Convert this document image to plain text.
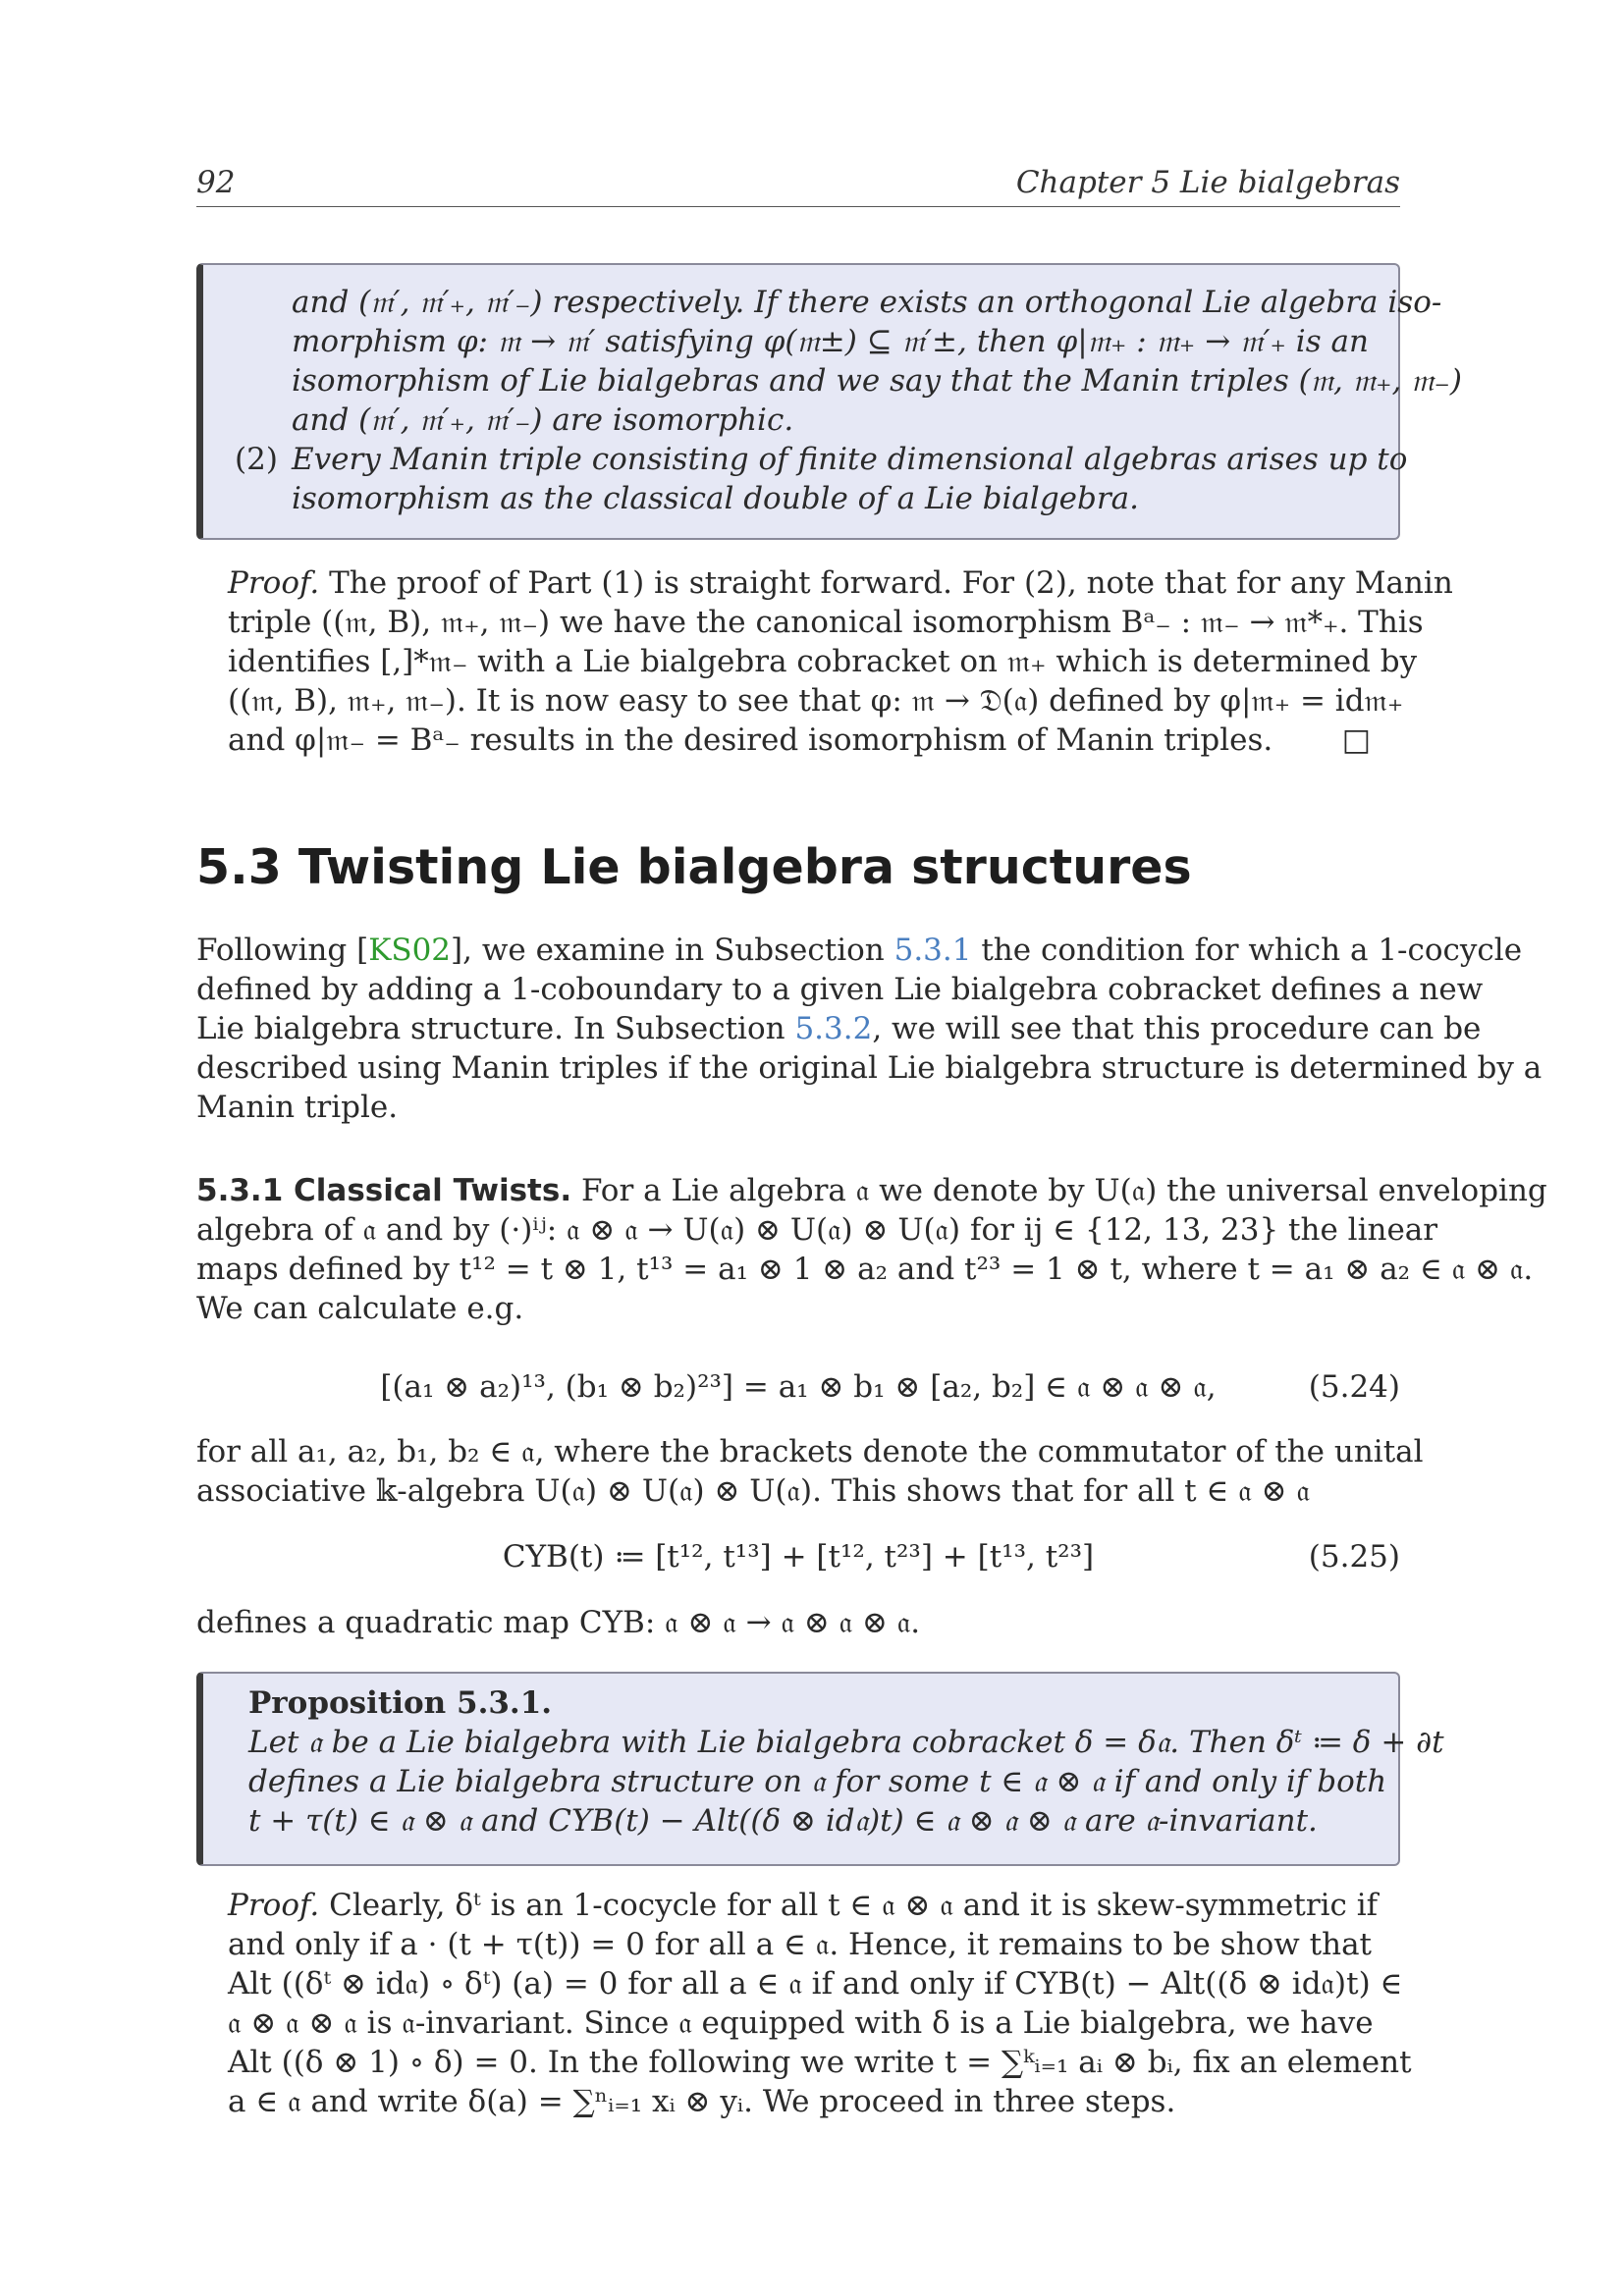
92	Chapter 5 Lie bialgebras
and (𝔪′, 𝔪′₊, 𝔪′₋) respectively. If there exists an orthogonal Lie algebra iso-
morphism φ: 𝔪 → 𝔪′ satisfying φ(𝔪±) ⊆ 𝔪′±, then φ|𝔪₊ : 𝔪₊ → 𝔪′₊ is an
isomorphism of Lie bialgebras and we say that the Manin triples (𝔪, 𝔪₊, 𝔪₋)
and (𝔪′, 𝔪′₊, 𝔪′₋) are isomorphic.
(2) Every Manin triple consisting of finite dimensional algebras arises up to
isomorphism as the classical double of a Lie bialgebra.
Proof. The proof of Part (1) is straight forward. For (2), note that for any Manin
triple ((𝔪, B), 𝔪₊, 𝔪₋) we have the canonical isomorphism Bᵃ₋ : 𝔪₋ → 𝔪*₊. This
identifies [,]*𝔪₋ with a Lie bialgebra cobracket on 𝔪₊ which is determined by
((𝔪, B), 𝔪₊, 𝔪₋). It is now easy to see that φ: 𝔪 → 𝔇(𝔞) defined by φ|𝔪₊ = id𝔪₊
and φ|𝔪₋ = Bᵃ₋ results in the desired isomorphism of Manin triples. □
5.3 Twisting Lie bialgebra structures
Following [KS02], we examine in Subsection 5.3.1 the condition for which a 1-cocycle
defined by adding a 1-coboundary to a given Lie bialgebra cobracket defines a new
Lie bialgebra structure. In Subsection 5.3.2, we will see that this procedure can be
described using Manin triples if the original Lie bialgebra structure is determined by a
Manin triple.
5.3.1 Classical Twists. For a Lie algebra 𝔞 we denote by U(𝔞) the universal enveloping
algebra of 𝔞 and by (·)ⁱʲ: 𝔞 ⊗ 𝔞 → U(𝔞) ⊗ U(𝔞) ⊗ U(𝔞) for ij ∈ {12, 13, 23} the linear
maps defined by t¹² = t ⊗ 1, t¹³ = a₁ ⊗ 1 ⊗ a₂ and t²³ = 1 ⊗ t, where t = a₁ ⊗ a₂ ∈ 𝔞 ⊗ 𝔞.
We can calculate e.g.
[(a₁ ⊗ a₂)¹³, (b₁ ⊗ b₂)²³] = a₁ ⊗ b₁ ⊗ [a₂, b₂] ∈ 𝔞 ⊗ 𝔞 ⊗ 𝔞,	(5.24)
for all a₁, a₂, b₁, b₂ ∈ 𝔞, where the brackets denote the commutator of the unital
associative 𝕜-algebra U(𝔞) ⊗ U(𝔞) ⊗ U(𝔞). This shows that for all t ∈ 𝔞 ⊗ 𝔞
CYB(t) ≔ [t¹², t¹³] + [t¹², t²³] + [t¹³, t²³]	(5.25)
defines a quadratic map CYB: 𝔞 ⊗ 𝔞 → 𝔞 ⊗ 𝔞 ⊗ 𝔞.
Proposition 5.3.1.
Let 𝔞 be a Lie bialgebra with Lie bialgebra cobracket δ = δ𝔞. Then δᵗ ≔ δ + ∂t
defines a Lie bialgebra structure on 𝔞 for some t ∈ 𝔞 ⊗ 𝔞 if and only if both
t + τ(t) ∈ 𝔞 ⊗ 𝔞 and CYB(t) − Alt((δ ⊗ id𝔞)t) ∈ 𝔞 ⊗ 𝔞 ⊗ 𝔞 are 𝔞-invariant.
Proof. Clearly, δᵗ is an 1-cocycle for all t ∈ 𝔞 ⊗ 𝔞 and it is skew-symmetric if
and only if a · (t + τ(t)) = 0 for all a ∈ 𝔞. Hence, it remains to be show that
Alt ((δᵗ ⊗ id𝔞) ∘ δᵗ) (a) = 0 for all a ∈ 𝔞 if and only if CYB(t) − Alt((δ ⊗ id𝔞)t) ∈
𝔞 ⊗ 𝔞 ⊗ 𝔞 is 𝔞-invariant. Since 𝔞 equipped with δ is a Lie bialgebra, we have
Alt ((δ ⊗ 1) ∘ δ) = 0. In the following we write t = ∑ᵏᵢ₌₁ aᵢ ⊗ bᵢ, fix an element
a ∈ 𝔞 and write δ(a) = ∑ⁿᵢ₌₁ xᵢ ⊗ yᵢ. We proceed in three steps.
